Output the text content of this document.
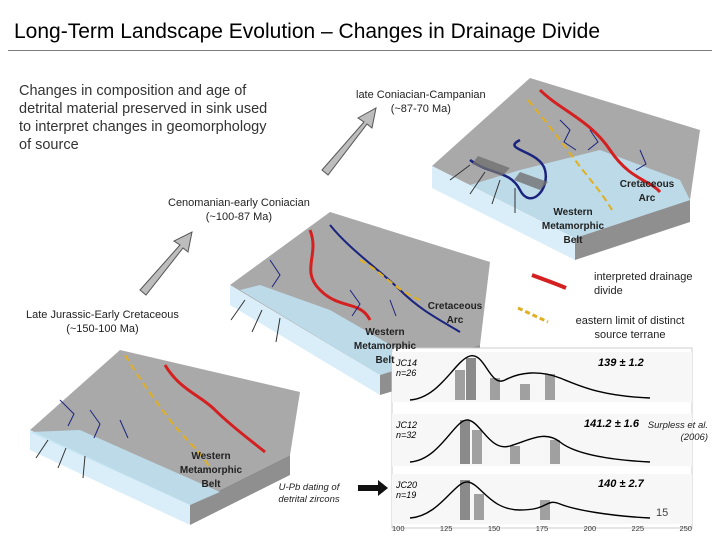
Long-Term Landscape Evolution – Changes in Drainage Divide
Changes in composition and age of detrital material preserved in sink used to interpret changes in geomorphology of source
late Coniacian-Campanian
(~87-70 Ma)
Cenomanian-early Coniacian
(~100-87 Ma)
Late Jurassic-Early Cretaceous
(~150-100 Ma)
Cretaceous Arc
Western Metamorphic Belt
Cretaceous Arc
Western Metamorphic Belt
Western Metamorphic Belt
interpreted drainage divide
eastern limit of distinct source terrane
Surpless et al. (2006)
U-Pb dating of detrital zircons
JC14
n=26
139 ± 1.2
JC12
n=32
141.2 ± 1.6
JC20
n=19
140 ± 2.7
100	125	150	175	200	225	250
15
